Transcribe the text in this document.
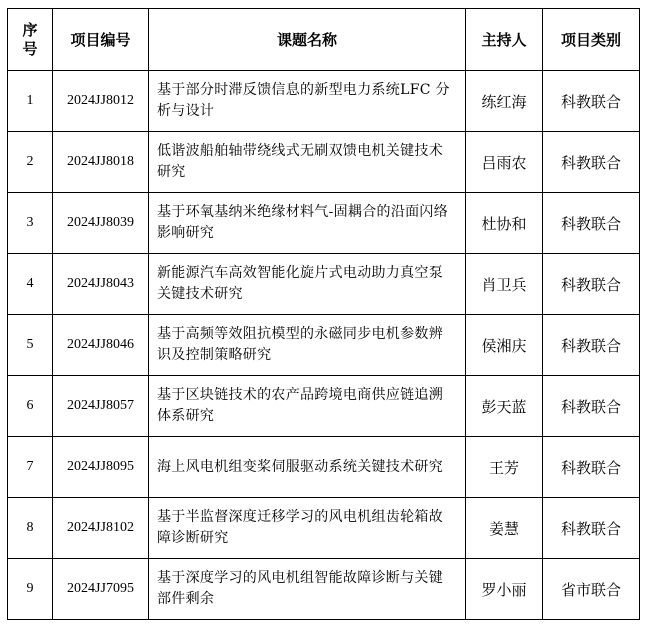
序号	项目编号	课题名称	主持人	项目类别
1	2024JJ8012	基于部分时滞反馈信息的新型电力系统LFC 分析与设计	练红海	科教联合
2	2024JJ8018	低谐波船舶轴带绕线式无刷双馈电机关键技术研究	吕雨农	科教联合
3	2024JJ8039	基于环氧基纳米绝缘材料气-固耦合的沿面闪络影响研究	杜协和	科教联合
4	2024JJ8043	新能源汽车高效智能化旋片式电动助力真空泵关键技术研究	肖卫兵	科教联合
5	2024JJ8046	基于高频等效阻抗模型的永磁同步电机参数辨识及控制策略研究	侯湘庆	科教联合
6	2024JJ8057	基于区块链技术的农产品跨境电商供应链追溯体系研究	彭天蓝	科教联合
7	2024JJ8095	海上风电机组变桨伺服驱动系统关键技术研究	王芳	科教联合
8	2024JJ8102	基于半监督深度迁移学习的风电机组齿轮箱故障诊断研究	姜慧	科教联合
9	2024JJ7095	基于深度学习的风电机组智能故障诊断与关键部件剩余	罗小丽	省市联合
